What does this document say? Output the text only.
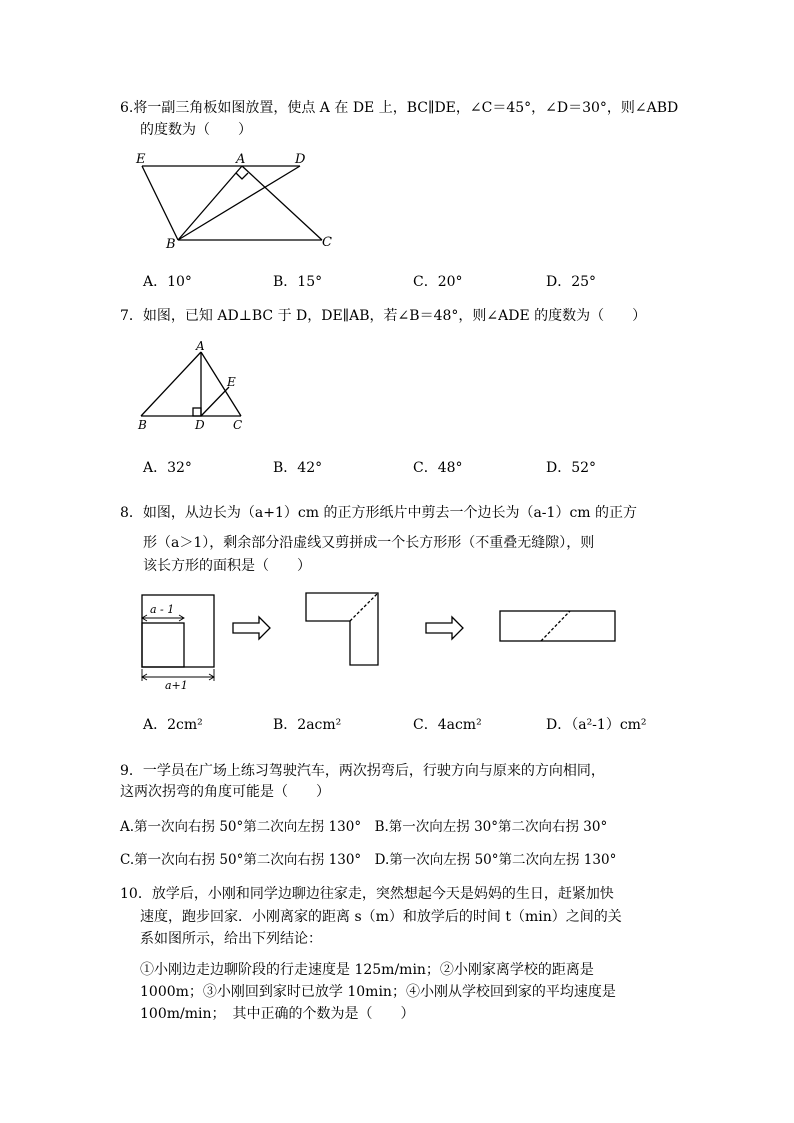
6.将一副三角板如图放置，使点 A 在 DE 上，BC∥DE，∠C＝45°，∠D＝30°，则∠ABD
的度数为（　　）
E	A	D
B	C
A．10°	B．15°	C．20°	D．25°
7．如图，已知 AD⊥BC 于 D，DE∥AB，若∠B＝48°，则∠ADE 的度数为（　　）
A
E
B	D C
A．32°	B．42°	C．48°	D．52°
8．如图，从边长为（a+1）cm 的正方形纸片中剪去一个边长为（a-1）cm 的正方
形（a＞1），剩余部分沿虚线又剪拼成一个长方形形（不重叠无缝隙），则
该长方形的面积是（　　）
a - 1
a+1
A．2cm²	B．2acm²	C．4acm²	D．（a²-1）cm²
9．一学员在广场上练习驾驶汽车，两次拐弯后，行驶方向与原来的方向相同，
这两次拐弯的角度可能是（　　）
A.第一次向右拐 50°第二次向左拐 130°　B.第一次向左拐 30°第二次向右拐 30°
C.第一次向右拐 50°第二次向右拐 130°　D.第一次向左拐 50°第二次向左拐 130°
10．放学后，小刚和同学边聊边往家走，突然想起今天是妈妈的生日，赶紧加快
速度，跑步回家．小刚离家的距离 s（m）和放学后的时间 t（min）之间的关
系如图所示，给出下列结论：
①小刚边走边聊阶段的行走速度是 125m/min；②小刚家离学校的距离是
1000m；③小刚回到家时已放学 10min；④小刚从学校回到家的平均速度是
100m/min；　其中正确的个数为是（　　）
